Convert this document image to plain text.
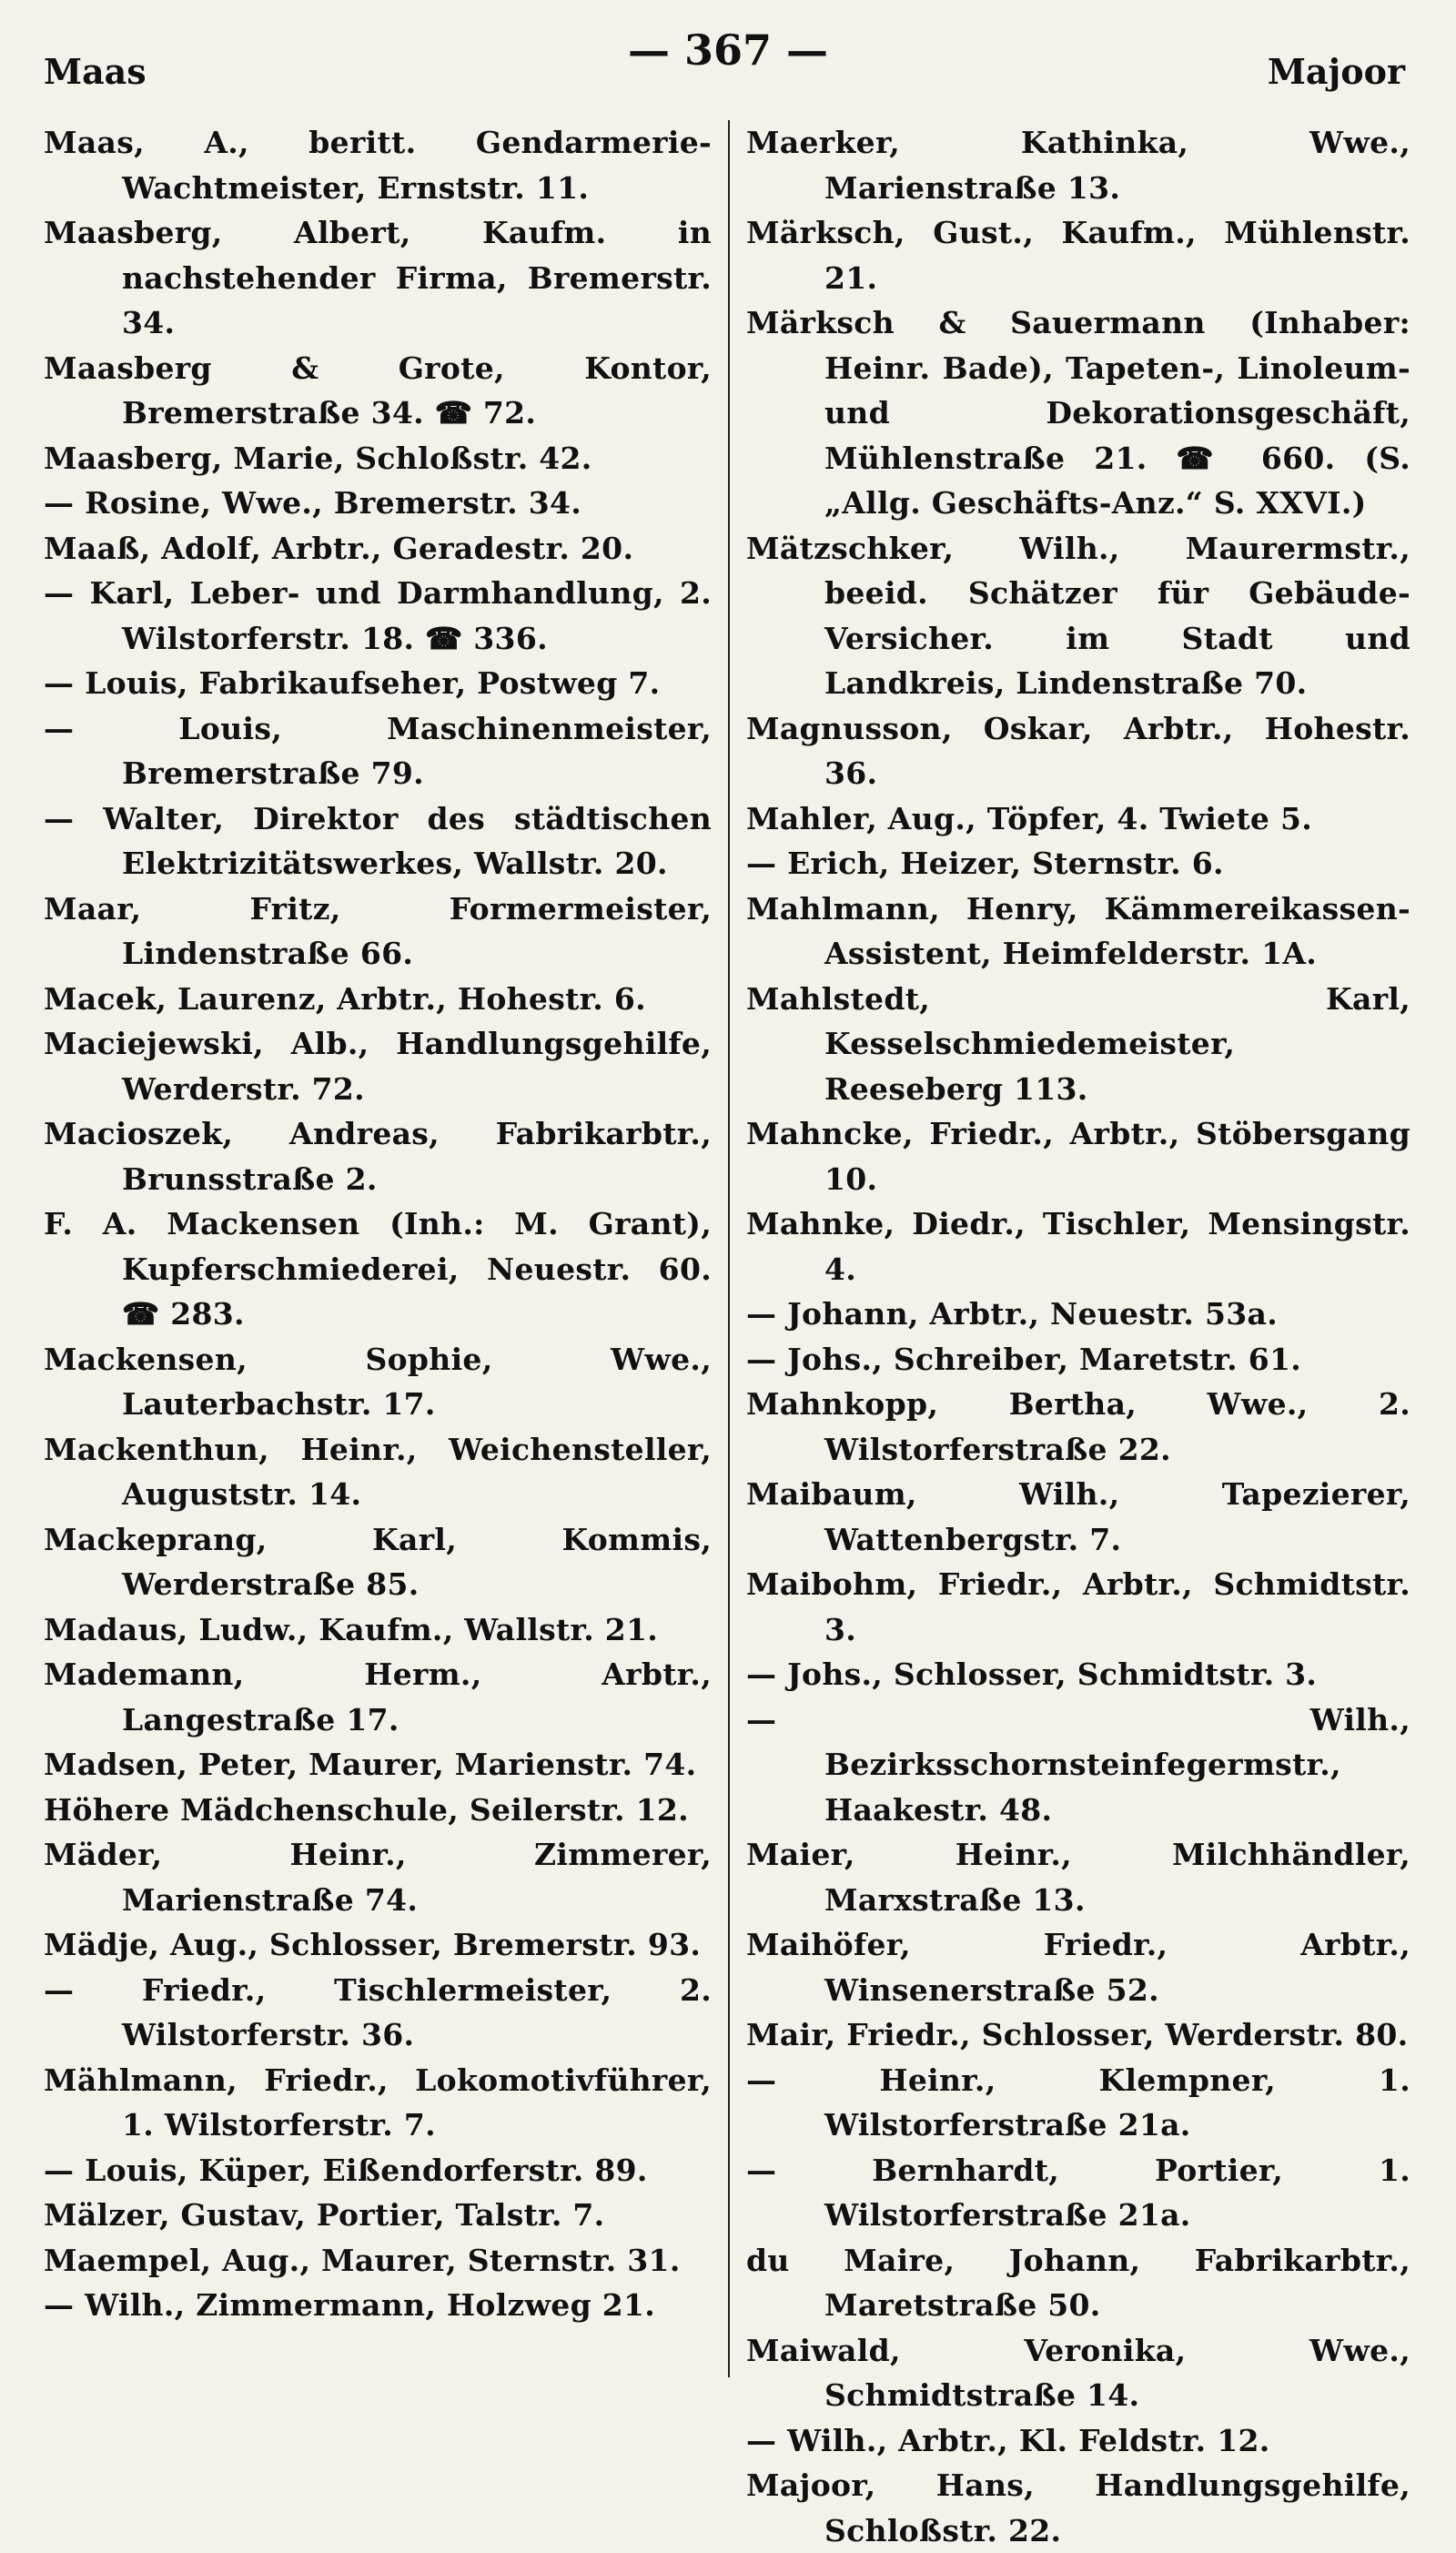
Maas	— 367 —	Majoor
Maas, A., beritt. Gendarmerie-Wachtmeister, Ernststr. 11.
Maasberg, Albert, Kaufm. in nachstehender Firma, Bremerstr. 34.
Maasberg & Grote, Kontor, Bremerstraße 34. ☎ 72.
Maasberg, Marie, Schloßstr. 42.
— Rosine, Wwe., Bremerstr. 34.
Maaß, Adolf, Arbtr., Geradestr. 20.
— Karl, Leber- und Darmhandlung, 2. Wilstorferstr. 18. ☎ 336.
— Louis, Fabrikaufseher, Postweg 7.
— Louis, Maschinenmeister, Bremerstraße 79.
— Walter, Direktor des städtischen Elektrizitätswerkes, Wallstr. 20.
Maar, Fritz, Formermeister, Lindenstraße 66.
Macek, Laurenz, Arbtr., Hohestr. 6.
Maciejewski, Alb., Handlungsgehilfe, Werderstr. 72.
Macioszek, Andreas, Fabrikarbtr., Brunsstraße 2.
F. A. Mackensen (Inh.: M. Grant), Kupferschmiederei, Neuestr. 60. ☎ 283.
Mackensen, Sophie, Wwe., Lauterbachstr. 17.
Mackenthun, Heinr., Weichensteller, Auguststr. 14.
Mackeprang, Karl, Kommis, Werderstraße 85.
Madaus, Ludw., Kaufm., Wallstr. 21.
Mademann, Herm., Arbtr., Langestraße 17.
Madsen, Peter, Maurer, Marienstr. 74.
Höhere Mädchenschule, Seilerstr. 12.
Mäder, Heinr., Zimmerer, Marienstraße 74.
Mädje, Aug., Schlosser, Bremerstr. 93.
— Friedr., Tischlermeister, 2. Wilstorferstr. 36.
Mählmann, Friedr., Lokomotivführer, 1. Wilstorferstr. 7.
— Louis, Küper, Eißendorferstr. 89.
Mälzer, Gustav, Portier, Talstr. 7.
Maempel, Aug., Maurer, Sternstr. 31.
— Wilh., Zimmermann, Holzweg 21.
Maerker, Kathinka, Wwe., Marienstraße 13.
Märksch, Gust., Kaufm., Mühlenstr. 21.
Märksch & Sauermann (Inhaber: Heinr. Bade), Tapeten-, Linoleum- und Dekorationsgeschäft, Mühlenstraße 21. ☎ 660. (S. „Allg. Geschäfts-Anz.“ S. XXVI.)
Mätzschker, Wilh., Maurermstr., beeid. Schätzer für Gebäude-Versicher. im Stadt und Landkreis, Lindenstraße 70.
Magnusson, Oskar, Arbtr., Hohestr. 36.
Mahler, Aug., Töpfer, 4. Twiete 5.
— Erich, Heizer, Sternstr. 6.
Mahlmann, Henry, Kämmereikassen-Assistent, Heimfelderstr. 1A.
Mahlstedt, Karl, Kesselschmiedemeister, Reeseberg 113.
Mahncke, Friedr., Arbtr., Stöbersgang 10.
Mahnke, Diedr., Tischler, Mensingstr. 4.
— Johann, Arbtr., Neuestr. 53a.
— Johs., Schreiber, Maretstr. 61.
Mahnkopp, Bertha, Wwe., 2. Wilstorferstraße 22.
Maibaum, Wilh., Tapezierer, Wattenbergstr. 7.
Maibohm, Friedr., Arbtr., Schmidtstr. 3.
— Johs., Schlosser, Schmidtstr. 3.
— Wilh., Bezirksschornsteinfegermstr., Haakestr. 48.
Maier, Heinr., Milchhändler, Marxstraße 13.
Maihöfer, Friedr., Arbtr., Winsenerstraße 52.
Mair, Friedr., Schlosser, Werderstr. 80.
— Heinr., Klempner, 1. Wilstorferstraße 21a.
— Bernhardt, Portier, 1. Wilstorferstraße 21a.
du Maire, Johann, Fabrikarbtr., Maretstraße 50.
Maiwald, Veronika, Wwe., Schmidtstraße 14.
— Wilh., Arbtr., Kl. Feldstr. 12.
Majoor, Hans, Handlungsgehilfe, Schloßstr. 22.
